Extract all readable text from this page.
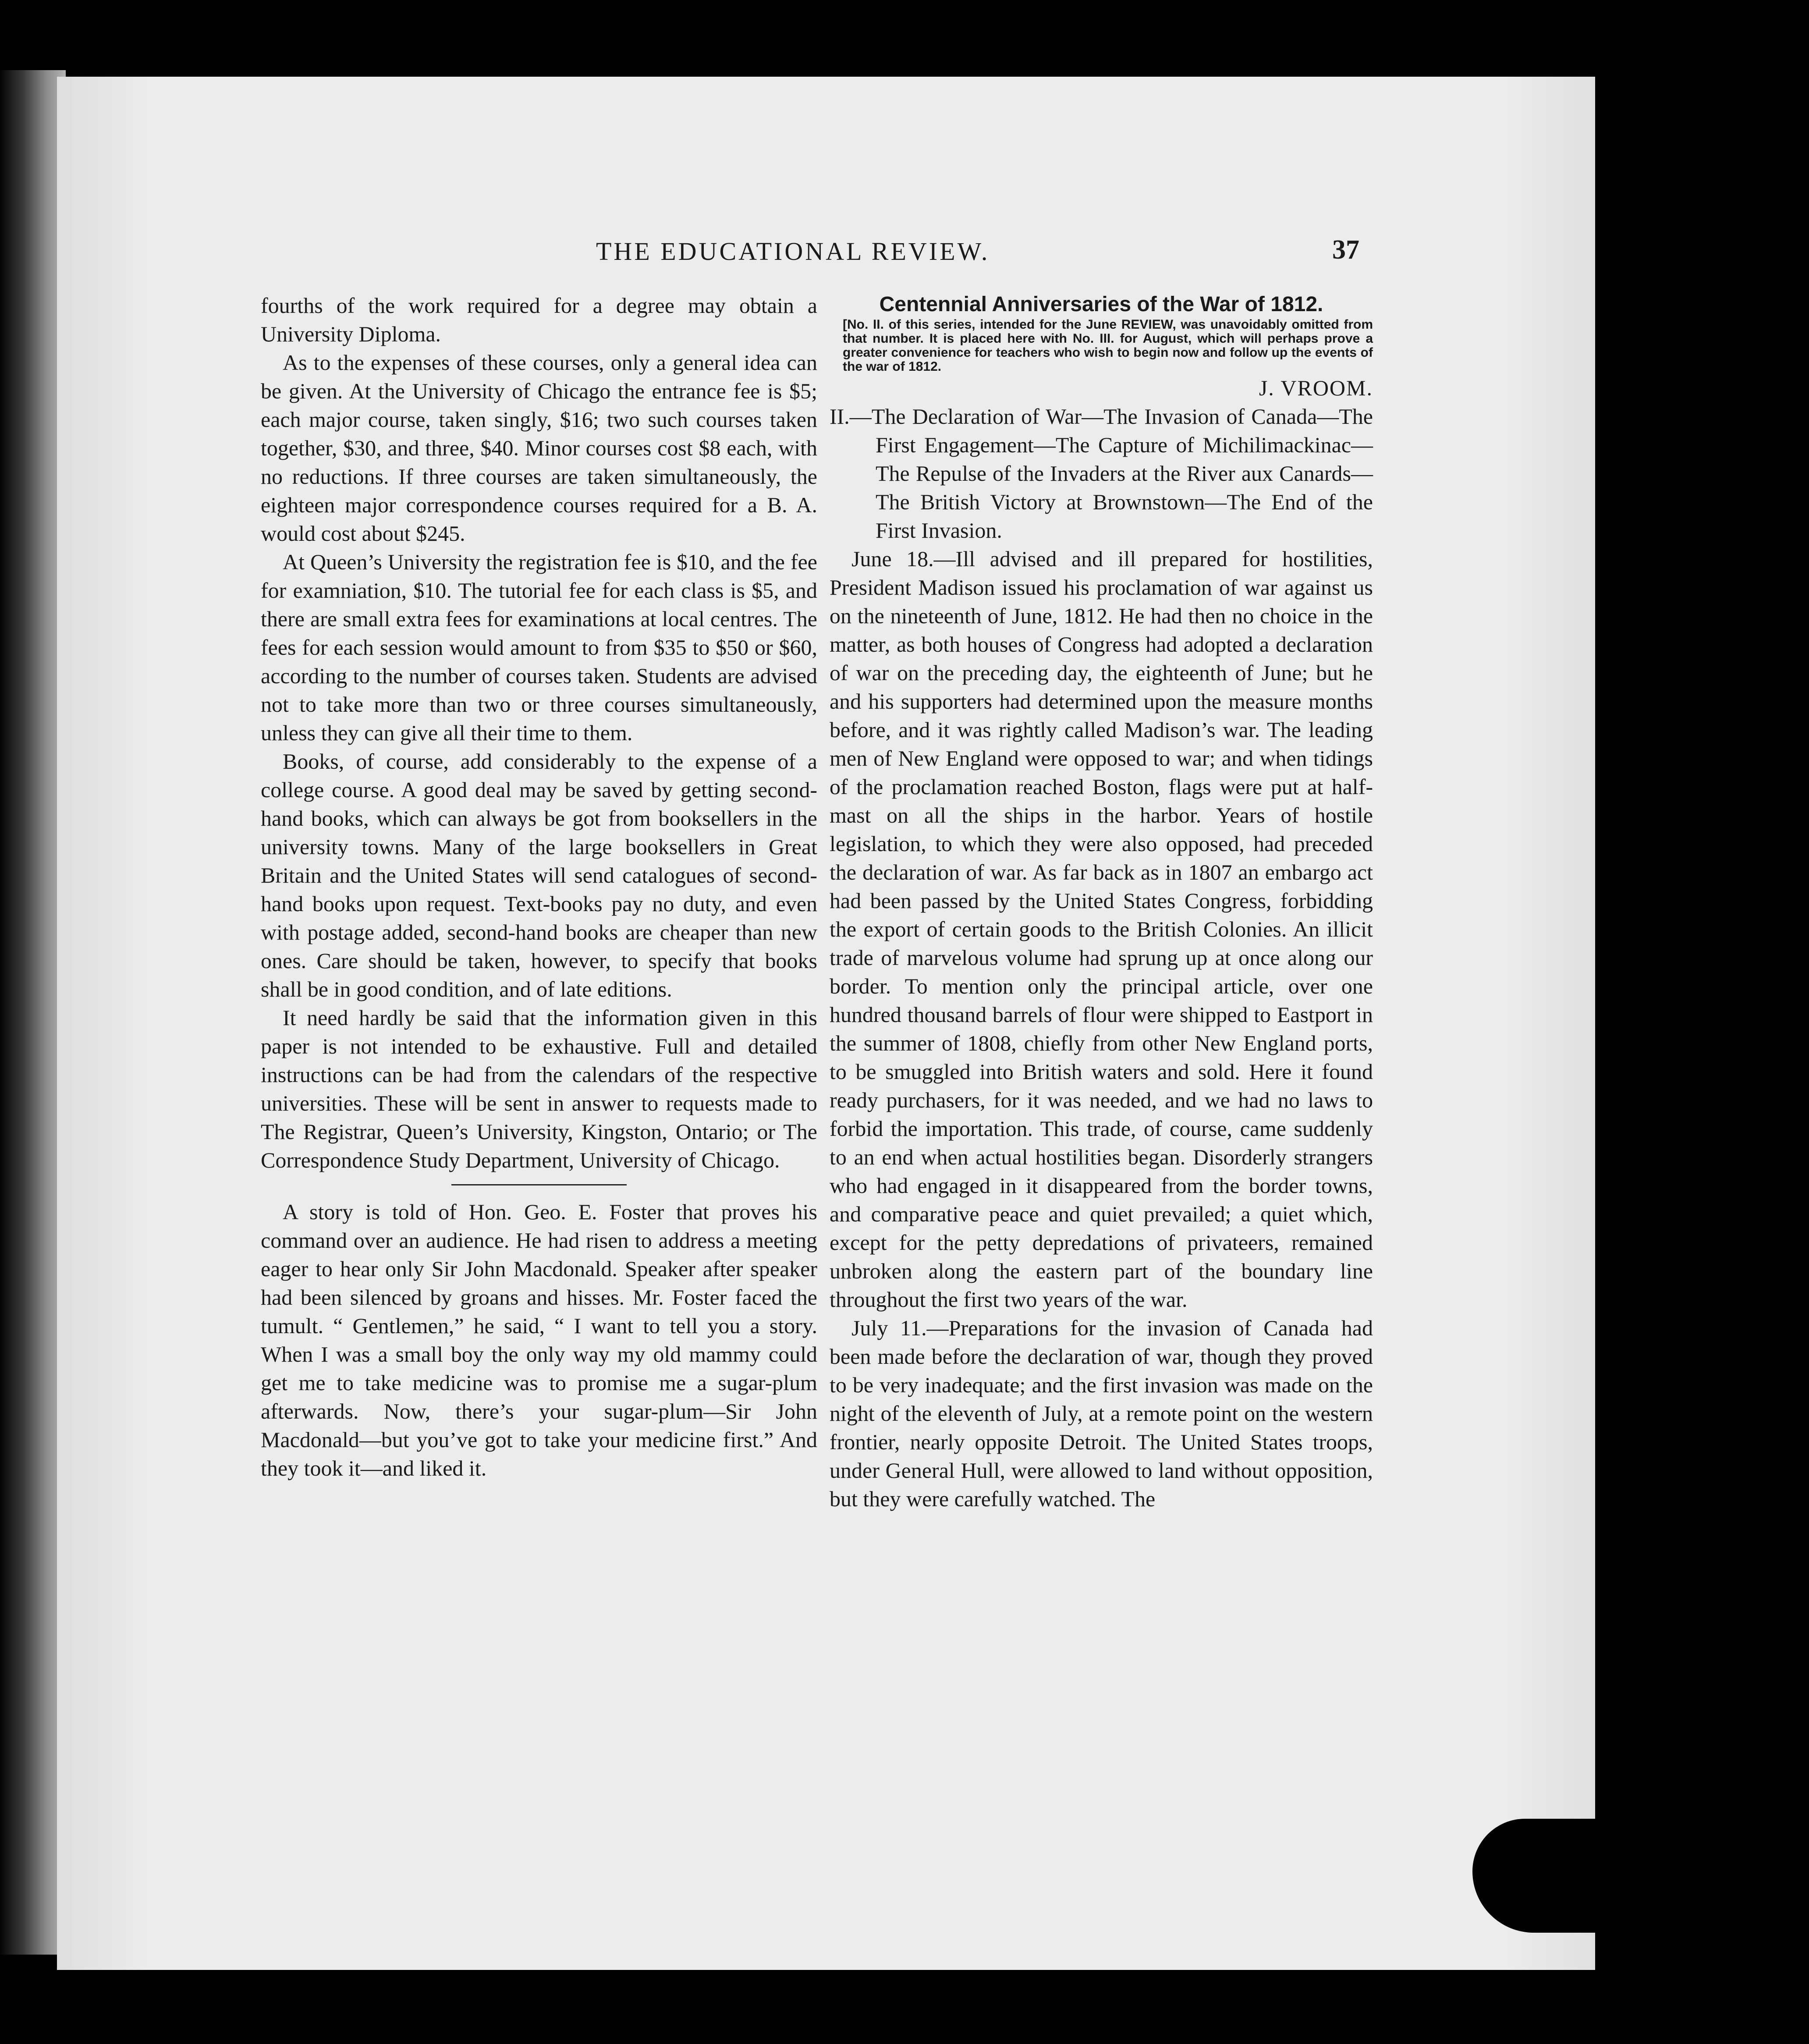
THE EDUCATIONAL REVIEW.	37

fourths of the work required for a degree may obtain a University Diploma.

As to the expenses of these courses, only a general idea can be given. At the University of Chicago the entrance fee is $5; each major course, taken singly, $16; two such courses taken together, $30, and three, $40. Minor courses cost $8 each, with no reductions. If three courses are taken simultaneously, the eighteen major correspondence courses required for a B. A. would cost about $245.

At Queen’s University the registration fee is $10, and the fee for examniation, $10. The tutorial fee for each class is $5, and there are small extra fees for examinations at local centres. The fees for each session would amount to from $35 to $50 or $60, according to the number of courses taken. Students are advised not to take more than two or three courses simultaneously, unless they can give all their time to them.

Books, of course, add considerably to the expense of a college course. A good deal may be saved by getting second-hand books, which can always be got from booksellers in the university towns. Many of the large booksellers in Great Britain and the United States will send catalogues of second-hand books upon request. Text-books pay no duty, and even with postage added, second-hand books are cheaper than new ones. Care should be taken, however, to specify that books shall be in good condition, and of late editions.

It need hardly be said that the information given in this paper is not intended to be exhaustive. Full and detailed instructions can be had from the calendars of the respective universities. These will be sent in answer to requests made to The Registrar, Queen’s University, Kingston, Ontario; or The Correspondence Study Department, University of Chicago.

A story is told of Hon. Geo. E. Foster that proves his command over an audience. He had risen to address a meeting eager to hear only Sir John Macdonald. Speaker after speaker had been silenced by groans and hisses. Mr. Foster faced the tumult. “ Gentlemen,” he said, “ I want to tell you a story. When I was a small boy the only way my old mammy could get me to take medicine was to promise me a sugar-plum afterwards. Now, there’s your sugar-plum—Sir John Macdonald—but you’ve got to take your medicine first.” And they took it—and liked it.

Centennial Anniversaries of the War of 1812.

[No. II. of this series, intended for the June REVIEW, was unavoidably omitted from that number. It is placed here with No. III. for August, which will perhaps prove a greater convenience for teachers who wish to begin now and follow up the events of the war of 1812.

J. VROOM.

II.—The Declaration of War—The Invasion of Canada—The First Engagement—The Capture of Michilimackinac—The Repulse of the Invaders at the River aux Canards—The British Victory at Brownstown—The End of the First Invasion.

June 18.—Ill advised and ill prepared for hostilities, President Madison issued his proclamation of war against us on the nineteenth of June, 1812. He had then no choice in the matter, as both houses of Congress had adopted a declaration of war on the preceding day, the eighteenth of June; but he and his supporters had determined upon the measure months before, and it was rightly called Madison’s war. The leading men of New England were opposed to war; and when tidings of the proclamation reached Boston, flags were put at half-mast on all the ships in the harbor. Years of hostile legislation, to which they were also opposed, had preceded the declaration of war. As far back as in 1807 an embargo act had been passed by the United States Congress, forbidding the export of certain goods to the British Colonies. An illicit trade of marvelous volume had sprung up at once along our border. To mention only the principal article, over one hundred thousand barrels of flour were shipped to Eastport in the summer of 1808, chiefly from other New England ports, to be smuggled into British waters and sold. Here it found ready purchasers, for it was needed, and we had no laws to forbid the importation. This trade, of course, came suddenly to an end when actual hostilities began. Disorderly strangers who had engaged in it disappeared from the border towns, and comparative peace and quiet prevailed; a quiet which, except for the petty depredations of privateers, remained unbroken along the eastern part of the boundary line throughout the first two years of the war.

July 11.—Preparations for the invasion of Canada had been made before the declaration of war, though they proved to be very inadequate; and the first invasion was made on the night of the eleventh of July, at a remote point on the western frontier, nearly opposite Detroit. The United States troops, under General Hull, were allowed to land without opposition, but they were carefully watched. The
